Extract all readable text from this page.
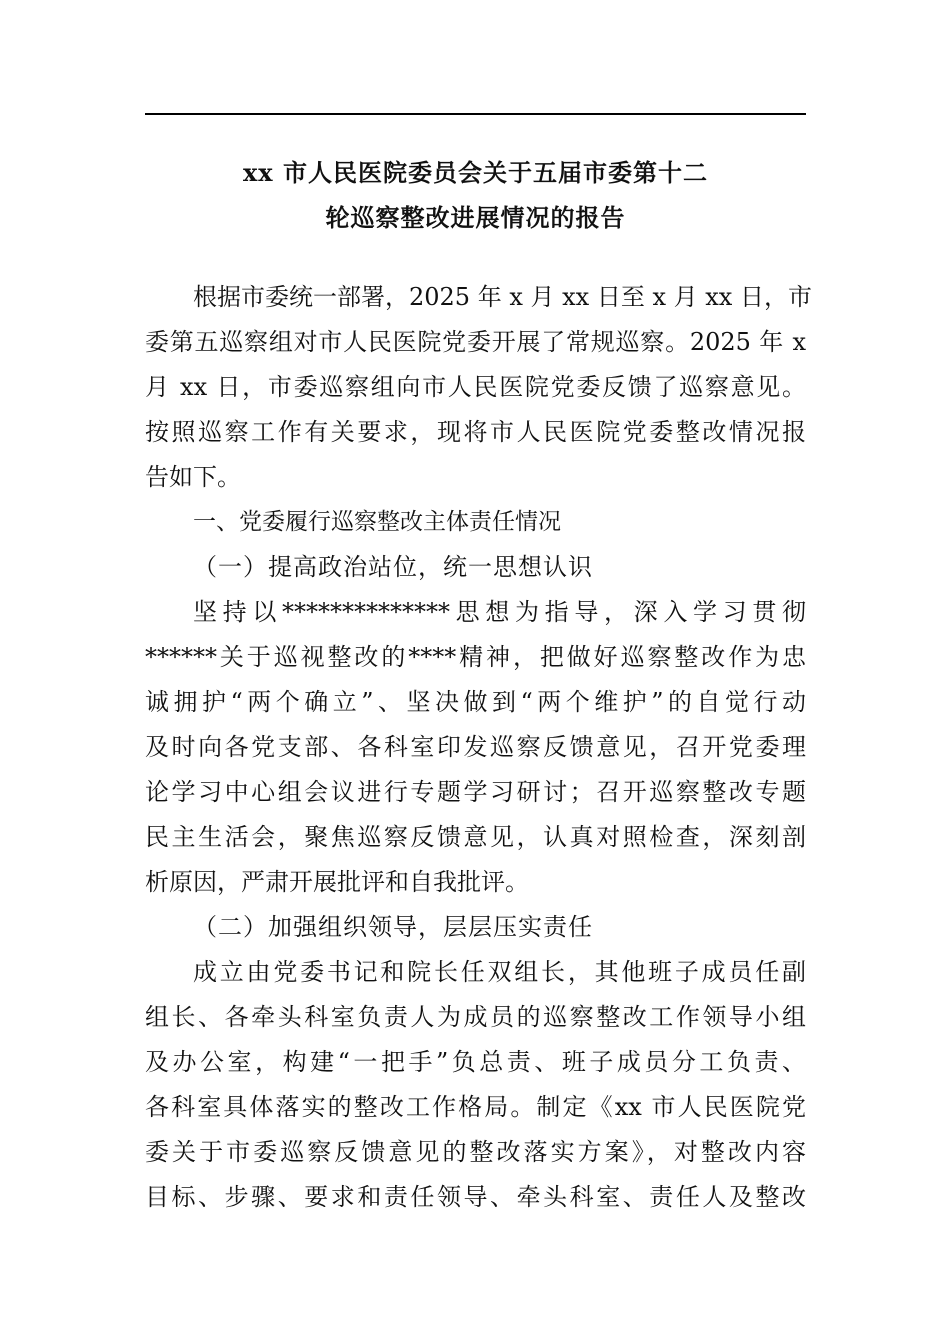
xx 市人民医院委员会关于五届市委第十二
轮巡察整改进展情况的报告
根据市委统一部署，2025 年 x 月 xx 日至 x 月 xx 日，市
委第五巡察组对市人民医院党委开展了常规巡察。2025 年 x
月 xx 日，市委巡察组向市人民医院党委反馈了巡察意见。
按照巡察工作有关要求，现将市人民医院党委整改情况报
告如下。
一、党委履行巡察整改主体责任情况
（一）提高政治站位，统一思想认识
坚持以**************思想为指导，深入学习贯彻
******关于巡视整改的****精神，把做好巡察整改作为忠
诚拥护“两个确立”、坚决做到“两个维护”的自觉行动
及时向各党支部、各科室印发巡察反馈意见，召开党委理
论学习中心组会议进行专题学习研讨；召开巡察整改专题
民主生活会，聚焦巡察反馈意见，认真对照检查，深刻剖
析原因，严肃开展批评和自我批评。
（二）加强组织领导，层层压实责任
成立由党委书记和院长任双组长，其他班子成员任副
组长、各牵头科室负责人为成员的巡察整改工作领导小组
及办公室，构建“一把手”负总责、班子成员分工负责、
各科室具体落实的整改工作格局。制定《xx 市人民医院党
委关于市委巡察反馈意见的整改落实方案》，对整改内容
目标、步骤、要求和责任领导、牵头科室、责任人及整改
